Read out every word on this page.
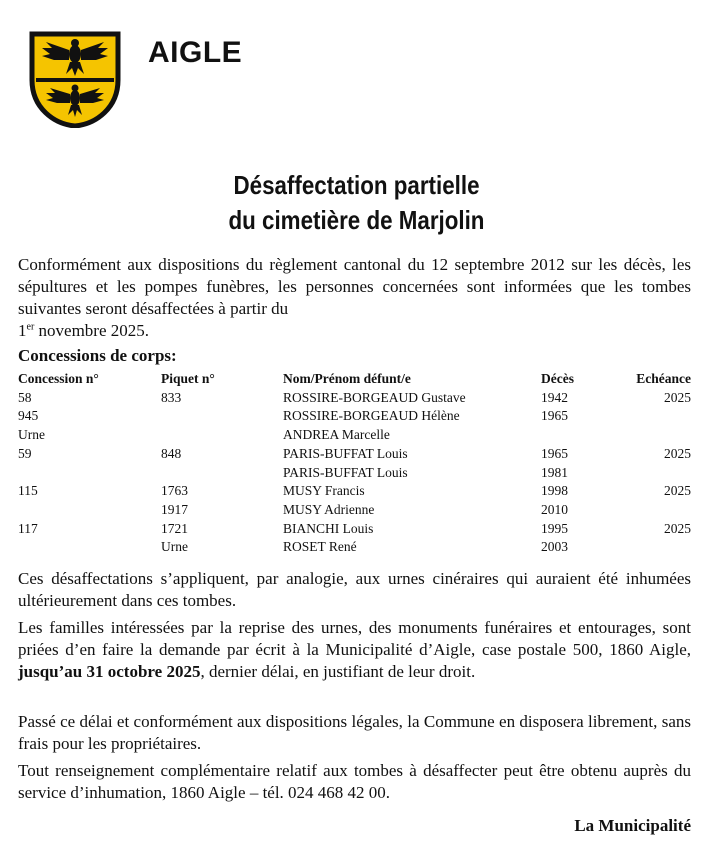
AIGLE
Désaffectation partielle
du cimetière de Marjolin
Conformément aux dispositions du règlement cantonal du 12 septembre 2012 sur les décès, les sépultures et les pompes funèbres, les personnes concernées sont informées que les tombes suivantes seront désaffectées à partir du
1er novembre 2025.
Concessions de corps:
Concession n°	Piquet n°	Nom/Prénom défunt/e	Décès	Echéance
58	833	ROSSIRE-BORGEAUD Gustave	1942	2025
945		ROSSIRE-BORGEAUD Hélène	1965	
Urne		ANDREA Marcelle		
59	848	PARIS-BUFFAT Louis	1965	2025
		PARIS-BUFFAT Louis	1981	
115	1763	MUSY Francis	1998	2025
	1917	MUSY Adrienne	2010	
117	1721	BIANCHI Louis	1995	2025
	Urne	ROSET René	2003	
Ces désaffectations s’appliquent, par analogie, aux urnes cinéraires qui auraient été inhumées ultérieurement dans ces tombes.
Les familles intéressées par la reprise des urnes, des monuments funéraires et entourages, sont priées d’en faire la demande par écrit à la Municipalité d’Aigle, case postale 500, 1860 Aigle, jusqu’au 31 octobre 2025, dernier délai, en justifiant de leur droit.
Passé ce délai et conformément aux dispositions légales, la Commune en disposera librement, sans frais pour les propriétaires.
Tout renseignement complémentaire relatif aux tombes à désaffecter peut être obtenu auprès du service d’inhumation, 1860 Aigle – tél. 024 468 42 00.
La Municipalité
